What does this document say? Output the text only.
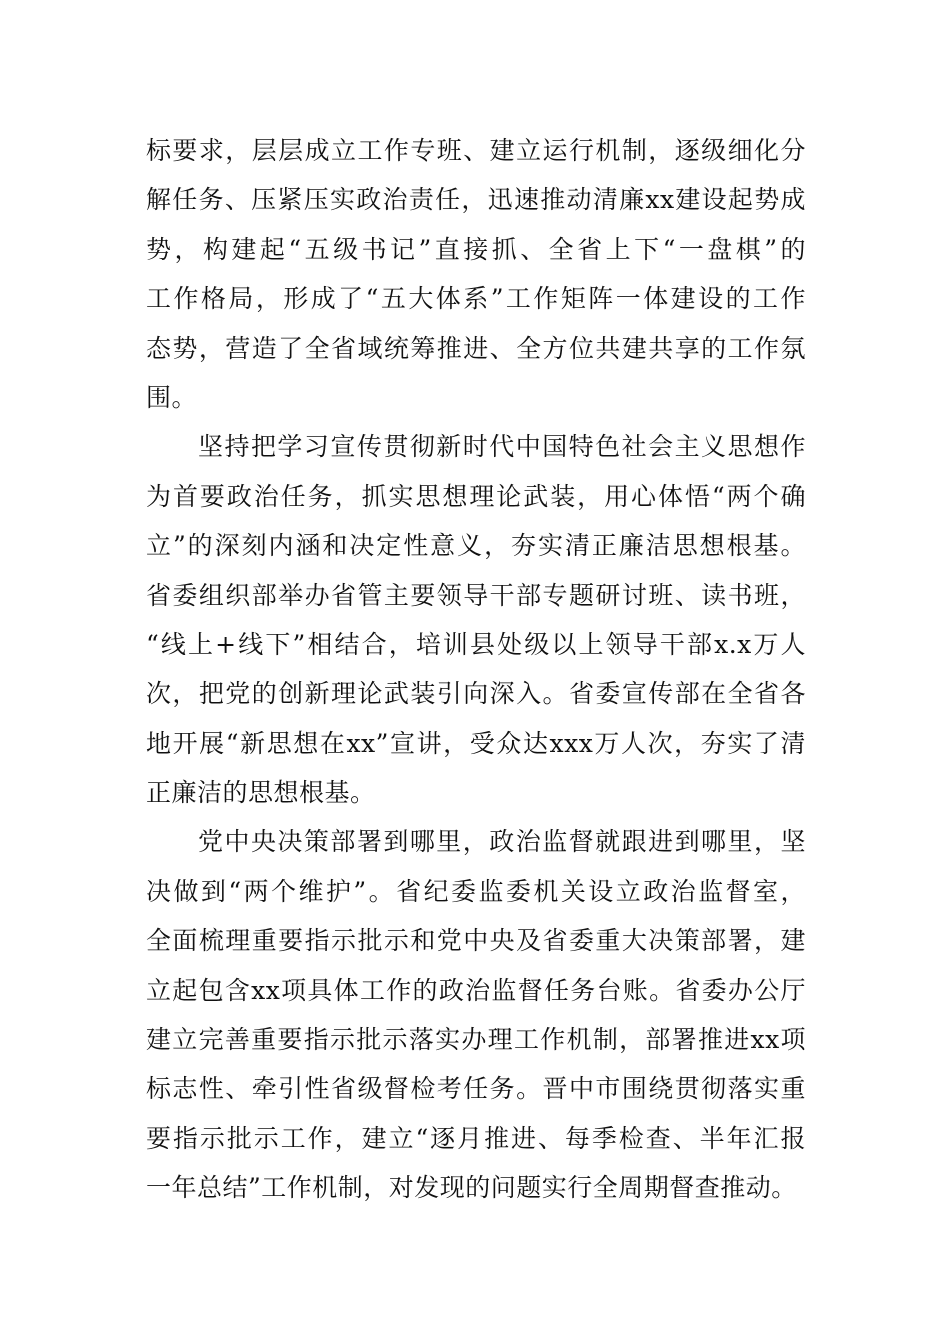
标要求，层层成立工作专班、建立运行机制，逐级细化分
解任务、压紧压实政治责任，迅速推动清廉xx建设起势成
势，构建起“五级书记”直接抓、全省上下“一盘棋”的
工作格局，形成了“五大体系”工作矩阵一体建设的工作
态势，营造了全省域统筹推进、全方位共建共享的工作氛
围。
坚持把学习宣传贯彻新时代中国特色社会主义思想作
为首要政治任务，抓实思想理论武装，用心体悟“两个确
立”的深刻内涵和决定性意义，夯实清正廉洁思想根基。
省委组织部举办省管主要领导干部专题研讨班、读书班，
“线上+线下”相结合，培训县处级以上领导干部x.x万人
次，把党的创新理论武装引向深入。省委宣传部在全省各
地开展“新思想在xx”宣讲，受众达xxx万人次，夯实了清
正廉洁的思想根基。
党中央决策部署到哪里，政治监督就跟进到哪里，坚
决做到“两个维护”。省纪委监委机关设立政治监督室，
全面梳理重要指示批示和党中央及省委重大决策部署，建
立起包含xx项具体工作的政治监督任务台账。省委办公厅
建立完善重要指示批示落实办理工作机制，部署推进xx项
标志性、牵引性省级督检考任务。晋中市围绕贯彻落实重
要指示批示工作，建立“逐月推进、每季检查、半年汇报
一年总结”工作机制，对发现的问题实行全周期督查推动。
